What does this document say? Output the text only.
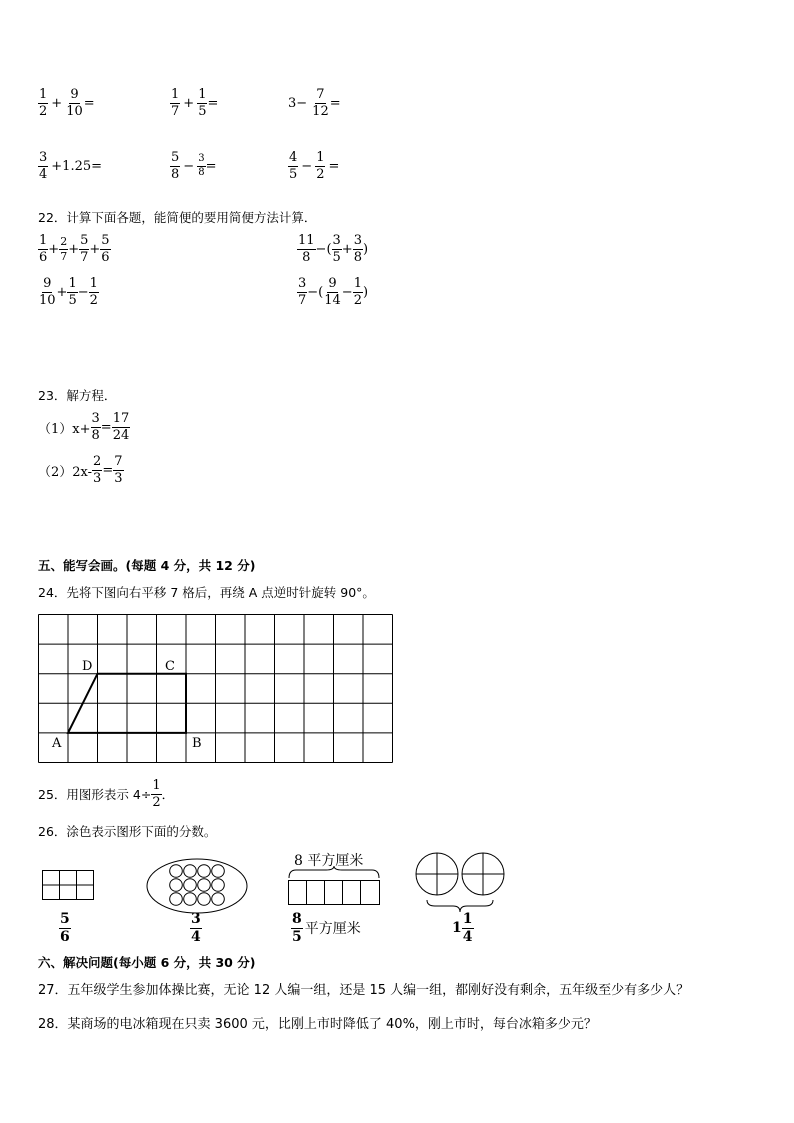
$\frac{1}{2} + \frac{9}{10}$ =	$\frac{1}{7} + \frac{1}{5}$ =	$3- \frac{7}{12}$ =
$\frac{3}{4} +1.25=$	$\frac{5}{8} - \frac{3}{8}$ =	$\frac{4}{5} - \frac{1}{2}$ =
22．计算下面各题，能简便的要用简便方法计算．
$\frac{1}{6} + \frac{2}{7} + \frac{5}{7} + \frac{5}{6}$	$\frac{11}{8}$ −( $\frac{3}{5} + \frac{3}{8}$ )
$\frac{9}{10} + \frac{1}{5} - \frac{1}{2}$	$\frac{3}{7}$ −( $\frac{9}{14} - \frac{1}{2}$ )
23．解方程．
$(1)x+ \frac{3}{8} = \frac{17}{24}$
$(2)2x- \frac{2}{3} = \frac{7}{3}$
五、能写会画。(每题 4 分，共 12 分)
24．先将下图向右平移 7 格后，再绕 A 点逆时针旋转 90°。
D	C
A	B
25．用图形表示 $4\div \frac{1}{2}$ ．
26．涂色表示图形下面的分数。
$\frac{5}{6}$	$\frac{3}{4}$
8 平方厘米
$\frac{8}{5}$ 平方厘米	$1 \frac{1}{4}$
六、解决问题(每小题 6 分，共 30 分)
27．五年级学生参加体操比赛，无论 12 人编一组，还是 15 人编一组，都刚好没有剩余，五年级至少有多少人？
28．某商场的电冰箱现在只卖 3600 元，比刚上市时降低了 40%，刚上市时，每台冰箱多少元？
